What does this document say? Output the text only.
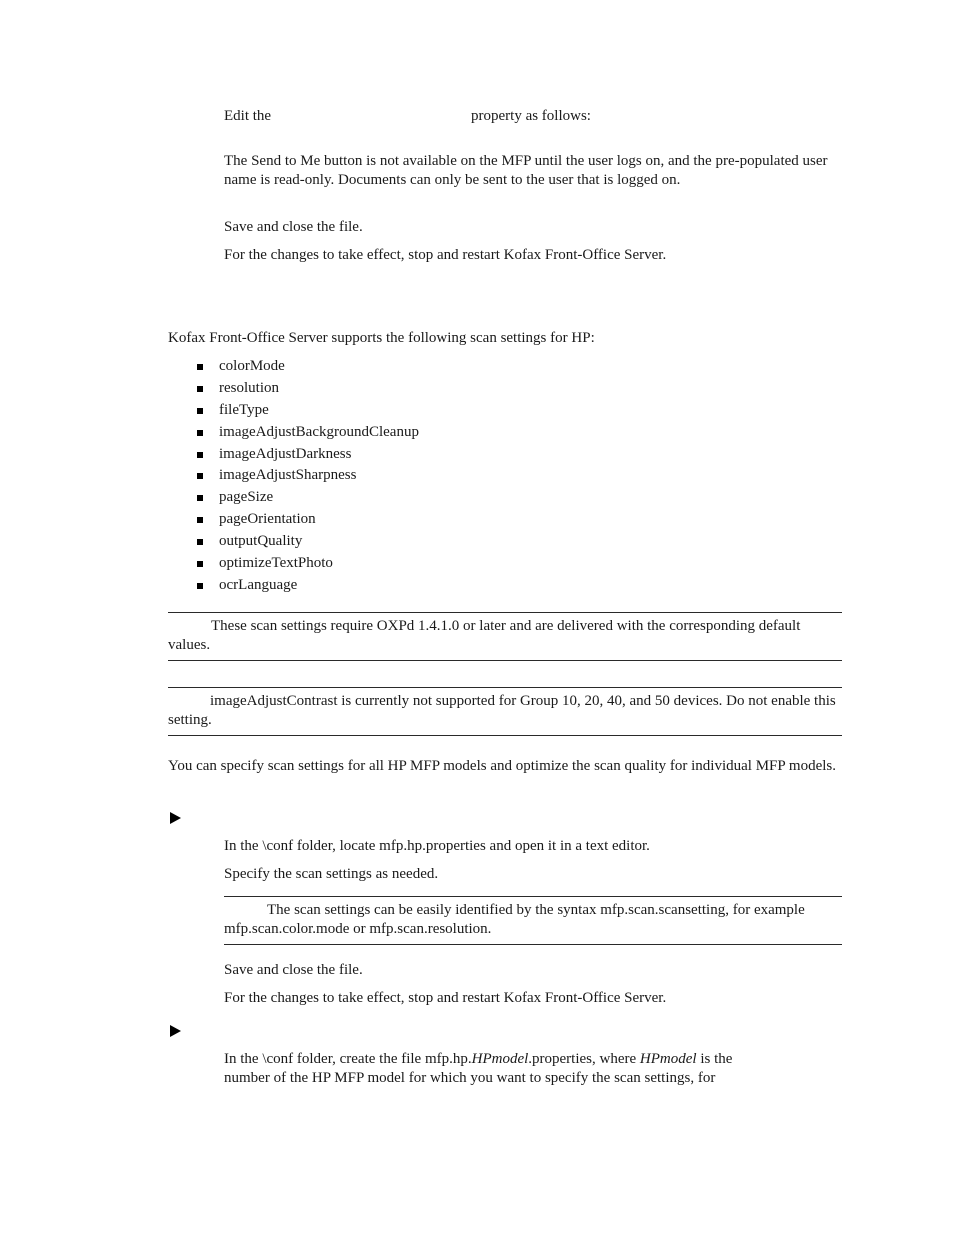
Edit the	property as follows:

The Send to Me button is not available on the MFP until the user logs on, and the pre-populated user name is read-only. Documents can only be sent to the user that is logged on.

Save and close the file.

For the changes to take effect, stop and restart Kofax Front-Office Server.

Kofax Front-Office Server supports the following scan settings for HP:

colorMode
resolution
fileType
imageAdjustBackgroundCleanup
imageAdjustDarkness
imageAdjustSharpness
pageSize
pageOrientation
outputQuality
optimizeTextPhoto
ocrLanguage

These scan settings require OXPd 1.4.1.0 or later and are delivered with the corresponding default values.

imageAdjustContrast is currently not supported for Group 10, 20, 40, and 50 devices. Do not enable this setting.

You can specify scan settings for all HP MFP models and optimize the scan quality for individual MFP models.

In the \conf folder, locate mfp.hp.properties and open it in a text editor.

Specify the scan settings as needed.

The scan settings can be easily identified by the syntax mfp.scan.scansetting, for example mfp.scan.color.mode or mfp.scan.resolution.

Save and close the file.

For the changes to take effect, stop and restart Kofax Front-Office Server.

In the \conf folder, create the file mfp.hp.HPmodel.properties, where HPmodel is the
number of the HP MFP model for which you want to specify the scan settings, for
